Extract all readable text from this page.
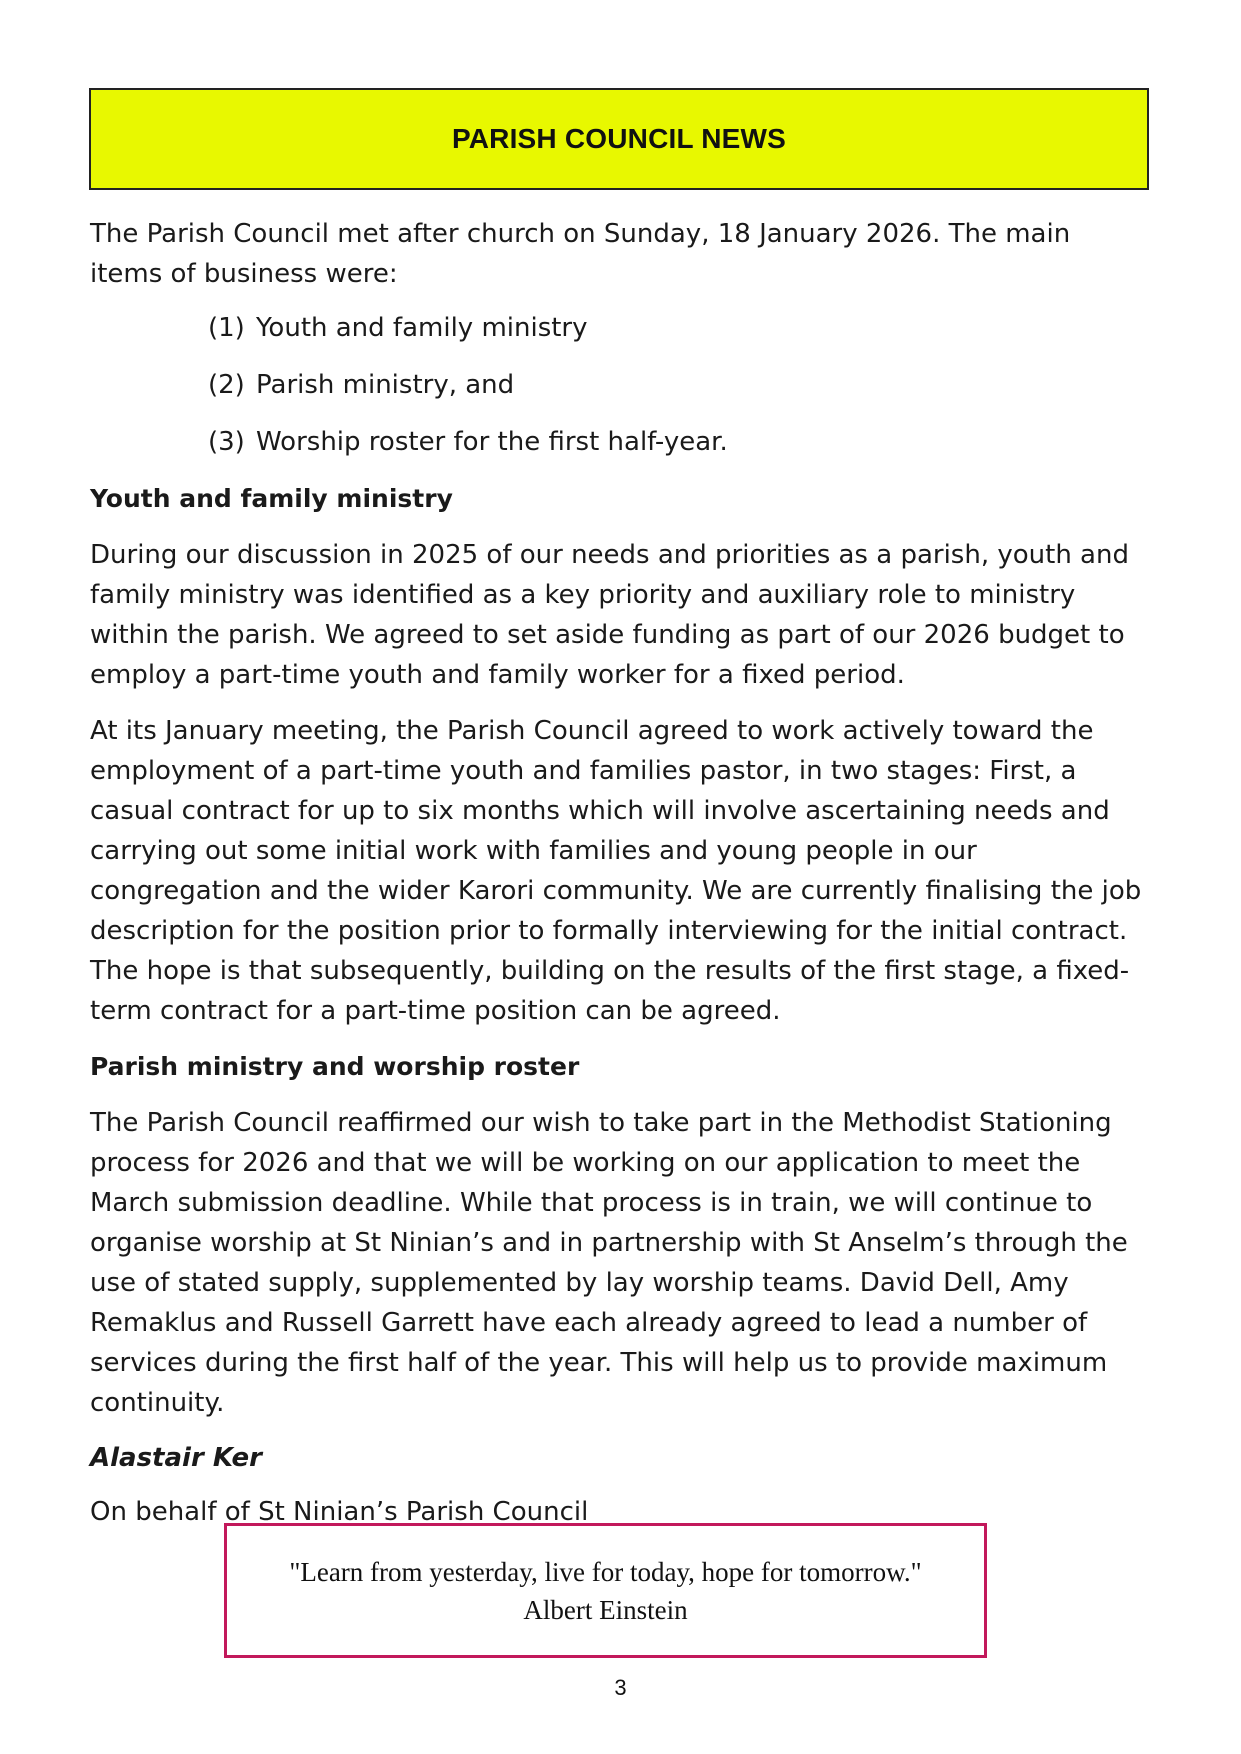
PARISH COUNCIL NEWS

The Parish Council met after church on Sunday, 18 January 2026. The main items of business were:

(1) Youth and family ministry
(2) Parish ministry, and
(3) Worship roster for the first half-year.
Youth and family ministry

During our discussion in 2025 of our needs and priorities as a parish, youth and family ministry was identified as a key priority and auxiliary role to ministry within the parish. We agreed to set aside funding as part of our 2026 budget to employ a part-time youth and family worker for a fixed period.

At its January meeting, the Parish Council agreed to work actively toward the employment of a part-time youth and families pastor, in two stages: First, a casual contract for up to six months which will involve ascertaining needs and carrying out some initial work with families and young people in our congregation and the wider Karori community. We are currently finalising the job description for the position prior to formally interviewing for the initial contract. The hope is that subsequently, building on the results of the first stage, a fixed-term contract for a part-time position can be agreed.

Parish ministry and worship roster

The Parish Council reaffirmed our wish to take part in the Methodist Stationing process for 2026 and that we will be working on our application to meet the March submission deadline. While that process is in train, we will continue to organise worship at St Ninian’s and in partnership with St Anselm’s through the use of stated supply, supplemented by lay worship teams. David Dell, Amy Remaklus and Russell Garrett have each already agreed to lead a number of services during the first half of the year. This will help us to provide maximum continuity.

Alastair Ker

On behalf of St Ninian’s Parish Council

"Learn from yesterday, live for today, hope for tomorrow."
Albert Einstein
3
